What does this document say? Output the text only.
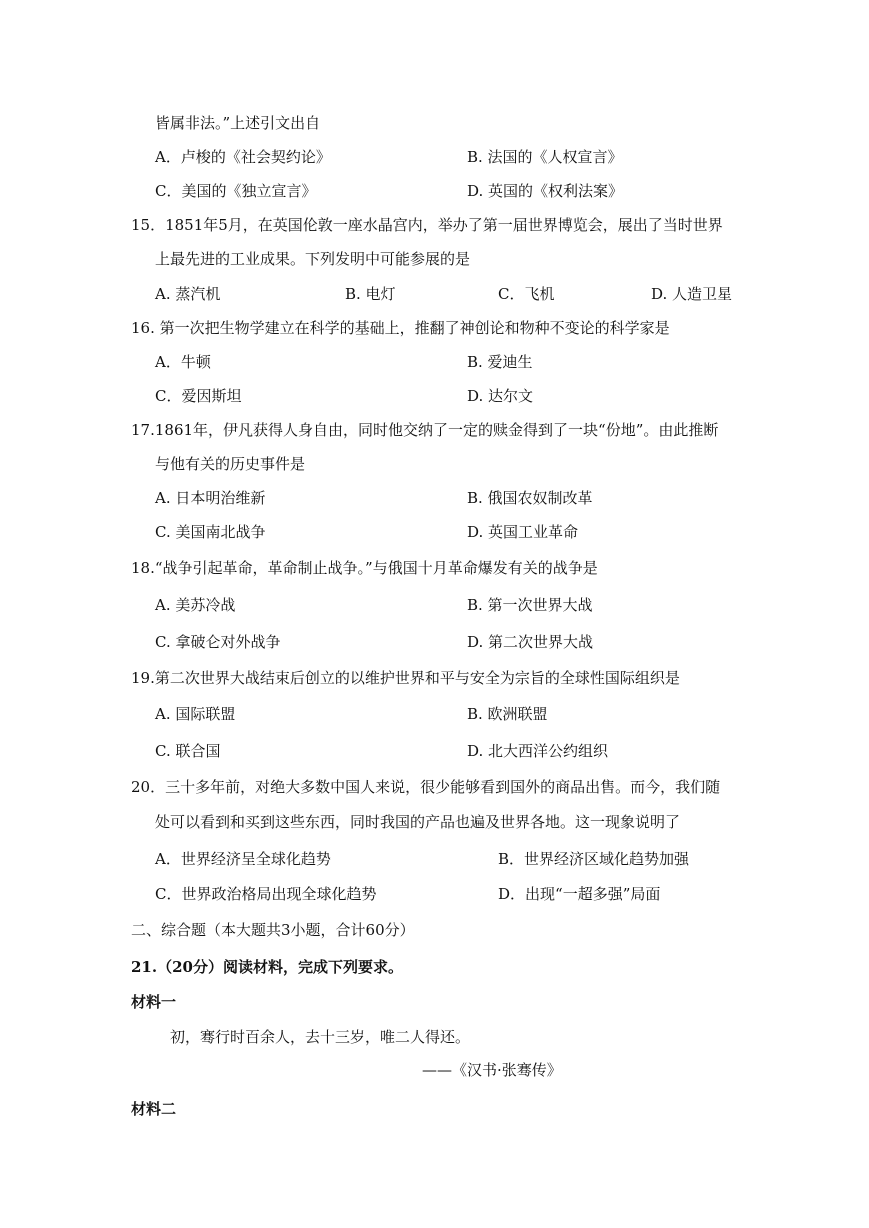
皆属非法。”上述引文出自
A．卢梭的《社会契约论》	B. 法国的《人权宣言》
C．美国的《独立宣言》	D. 英国的《权利法案》
15．1851年5月，在英国伦敦一座水晶宫内，举办了第一届世界博览会，展出了当时世界
上最先进的工业成果。下列发明中可能参展的是
A. 蒸汽机	B. 电灯	C．飞机	D. 人造卫星
16. 第一次把生物学建立在科学的基础上，推翻了神创论和物种不变论的科学家是
A．牛顿	B. 爱迪生
C．爱因斯坦	D. 达尔文
17.1861年，伊凡获得人身自由，同时他交纳了一定的赎金得到了一块“份地”。由此推断
与他有关的历史事件是
A. 日本明治维新	B. 俄国农奴制改革
C. 美国南北战争	D. 英国工业革命
18.“战争引起革命，革命制止战争。”与俄国十月革命爆发有关的战争是
A. 美苏冷战	B. 第一次世界大战
C. 拿破仑对外战争	D. 第二次世界大战
19.第二次世界大战结束后创立的以维护世界和平与安全为宗旨的全球性国际组织是
A. 国际联盟	B. 欧洲联盟
C. 联合国	D. 北大西洋公约组织
20．三十多年前，对绝大多数中国人来说，很少能够看到国外的商品出售。而今，我们随
处可以看到和买到这些东西，同时我国的产品也遍及世界各地。这一现象说明了
A．世界经济呈全球化趋势	B．世界经济区域化趋势加强
C．世界政治格局出现全球化趋势	D．出现“一超多强”局面
二、综合题（本大题共3小题，合计60分）
21.（20分）阅读材料，完成下列要求。
材料一
初，骞行时百余人，去十三岁，唯二人得还。
——《汉书·张骞传》
材料二
